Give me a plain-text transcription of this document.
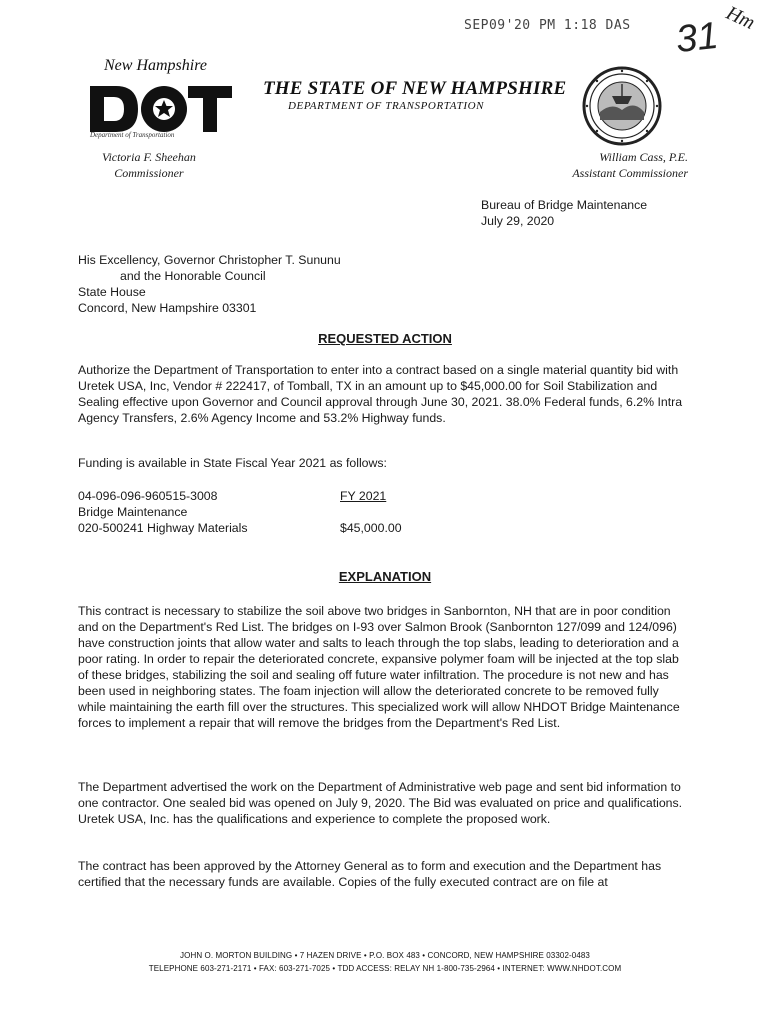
SEP09'20 PM 1:18 DAS 31 Hm
New Hampshire
Department of Transportation
THE STATE OF NEW HAMPSHIRE
DEPARTMENT OF TRANSPORTATION
Victoria F. Sheehan
Commissioner
William Cass, P.E.
Assistant Commissioner
Bureau of Bridge Maintenance
July 29, 2020
His Excellency, Governor Christopher T. Sununu
and the Honorable Council
State House
Concord, New Hampshire 03301
REQUESTED ACTION
Authorize the Department of Transportation to enter into a contract based on a single material quantity bid with Uretek USA, Inc, Vendor # 222417, of Tomball, TX in an amount up to $45,000.00 for Soil Stabilization and Sealing effective upon Governor and Council approval through June 30, 2021. 38.0% Federal funds, 6.2% Intra Agency Transfers, 2.6% Agency Income and 53.2% Highway funds.
Funding is available in State Fiscal Year 2021 as follows:
04-096-096-960515-3008
Bridge Maintenance
020-500241 Highway Materials
FY 2021

$45,000.00
EXPLANATION
This contract is necessary to stabilize the soil above two bridges in Sanbornton, NH that are in poor condition and on the Department's Red List. The bridges on I-93 over Salmon Brook (Sanbornton 127/099 and 124/096) have construction joints that allow water and salts to leach through the top slabs, leading to deterioration and a poor rating. In order to repair the deteriorated concrete, expansive polymer foam will be injected at the top slab of these bridges, stabilizing the soil and sealing off future water infiltration. The procedure is not new and has been used in neighboring states. The foam injection will allow the deteriorated concrete to be removed fully while maintaining the earth fill over the structures. This specialized work will allow NHDOT Bridge Maintenance forces to implement a repair that will remove the bridges from the Department's Red List.
The Department advertised the work on the Department of Administrative web page and sent bid information to one contractor. One sealed bid was opened on July 9, 2020. The Bid was evaluated on price and qualifications. Uretek USA, Inc. has the qualifications and experience to complete the proposed work.
The contract has been approved by the Attorney General as to form and execution and the Department has certified that the necessary funds are available. Copies of the fully executed contract are on file at
JOHN O. MORTON BUILDING • 7 HAZEN DRIVE • P.O. BOX 483 • CONCORD, NEW HAMPSHIRE 03302-0483
TELEPHONE 603-271-2171 • FAX: 603-271-7025 • TDD ACCESS: RELAY NH 1-800-735-2964 • INTERNET: WWW.NHDOT.COM
